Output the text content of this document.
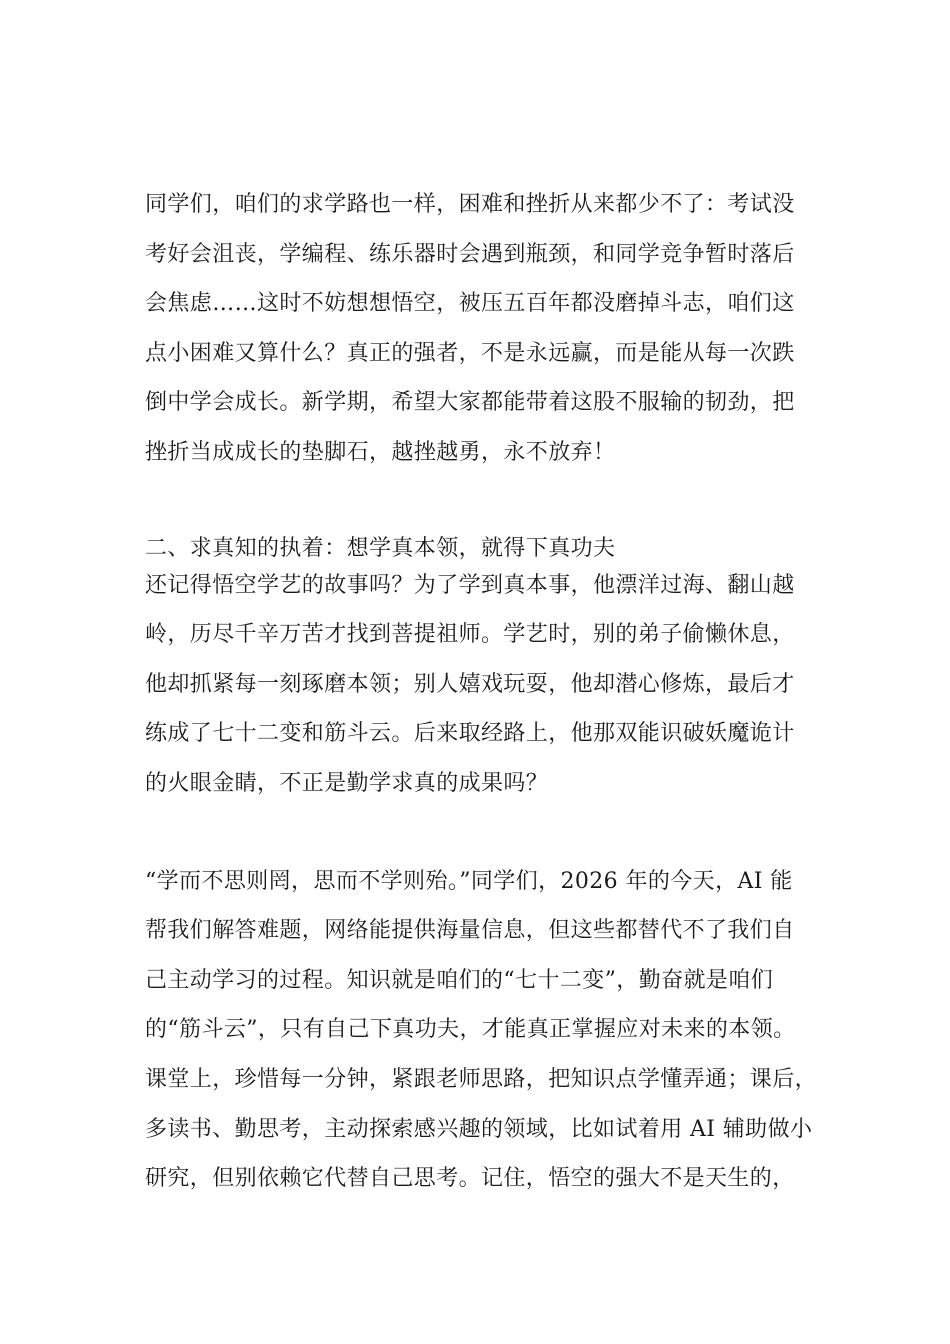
同学们，咱们的求学路也一样，困难和挫折从来都少不了：考试没
考好会沮丧，学编程、练乐器时会遇到瓶颈，和同学竞争暂时落后
会焦虑……这时不妨想想悟空，被压五百年都没磨掉斗志，咱们这
点小困难又算什么？真正的强者，不是永远赢，而是能从每一次跌
倒中学会成长。新学期，希望大家都能带着这股不服输的韧劲，把
挫折当成成长的垫脚石，越挫越勇，永不放弃！
二、求真知的执着：想学真本领，就得下真功夫
还记得悟空学艺的故事吗？为了学到真本事，他漂洋过海、翻山越
岭，历尽千辛万苦才找到菩提祖师。学艺时，别的弟子偷懒休息，
他却抓紧每一刻琢磨本领；别人嬉戏玩耍，他却潜心修炼，最后才
练成了七十二变和筋斗云。后来取经路上，他那双能识破妖魔诡计
的火眼金睛，不正是勤学求真的成果吗？
“学而不思则罔，思而不学则殆。”同学们，2026 年的今天，AI 能
帮我们解答难题，网络能提供海量信息，但这些都替代不了我们自
己主动学习的过程。知识就是咱们的“七十二变”，勤奋就是咱们
的“筋斗云”，只有自己下真功夫，才能真正掌握应对未来的本领。
课堂上，珍惜每一分钟，紧跟老师思路，把知识点学懂弄通；课后，
多读书、勤思考，主动探索感兴趣的领域，比如试着用 AI 辅助做小
研究，但别依赖它代替自己思考。记住，悟空的强大不是天生的，
